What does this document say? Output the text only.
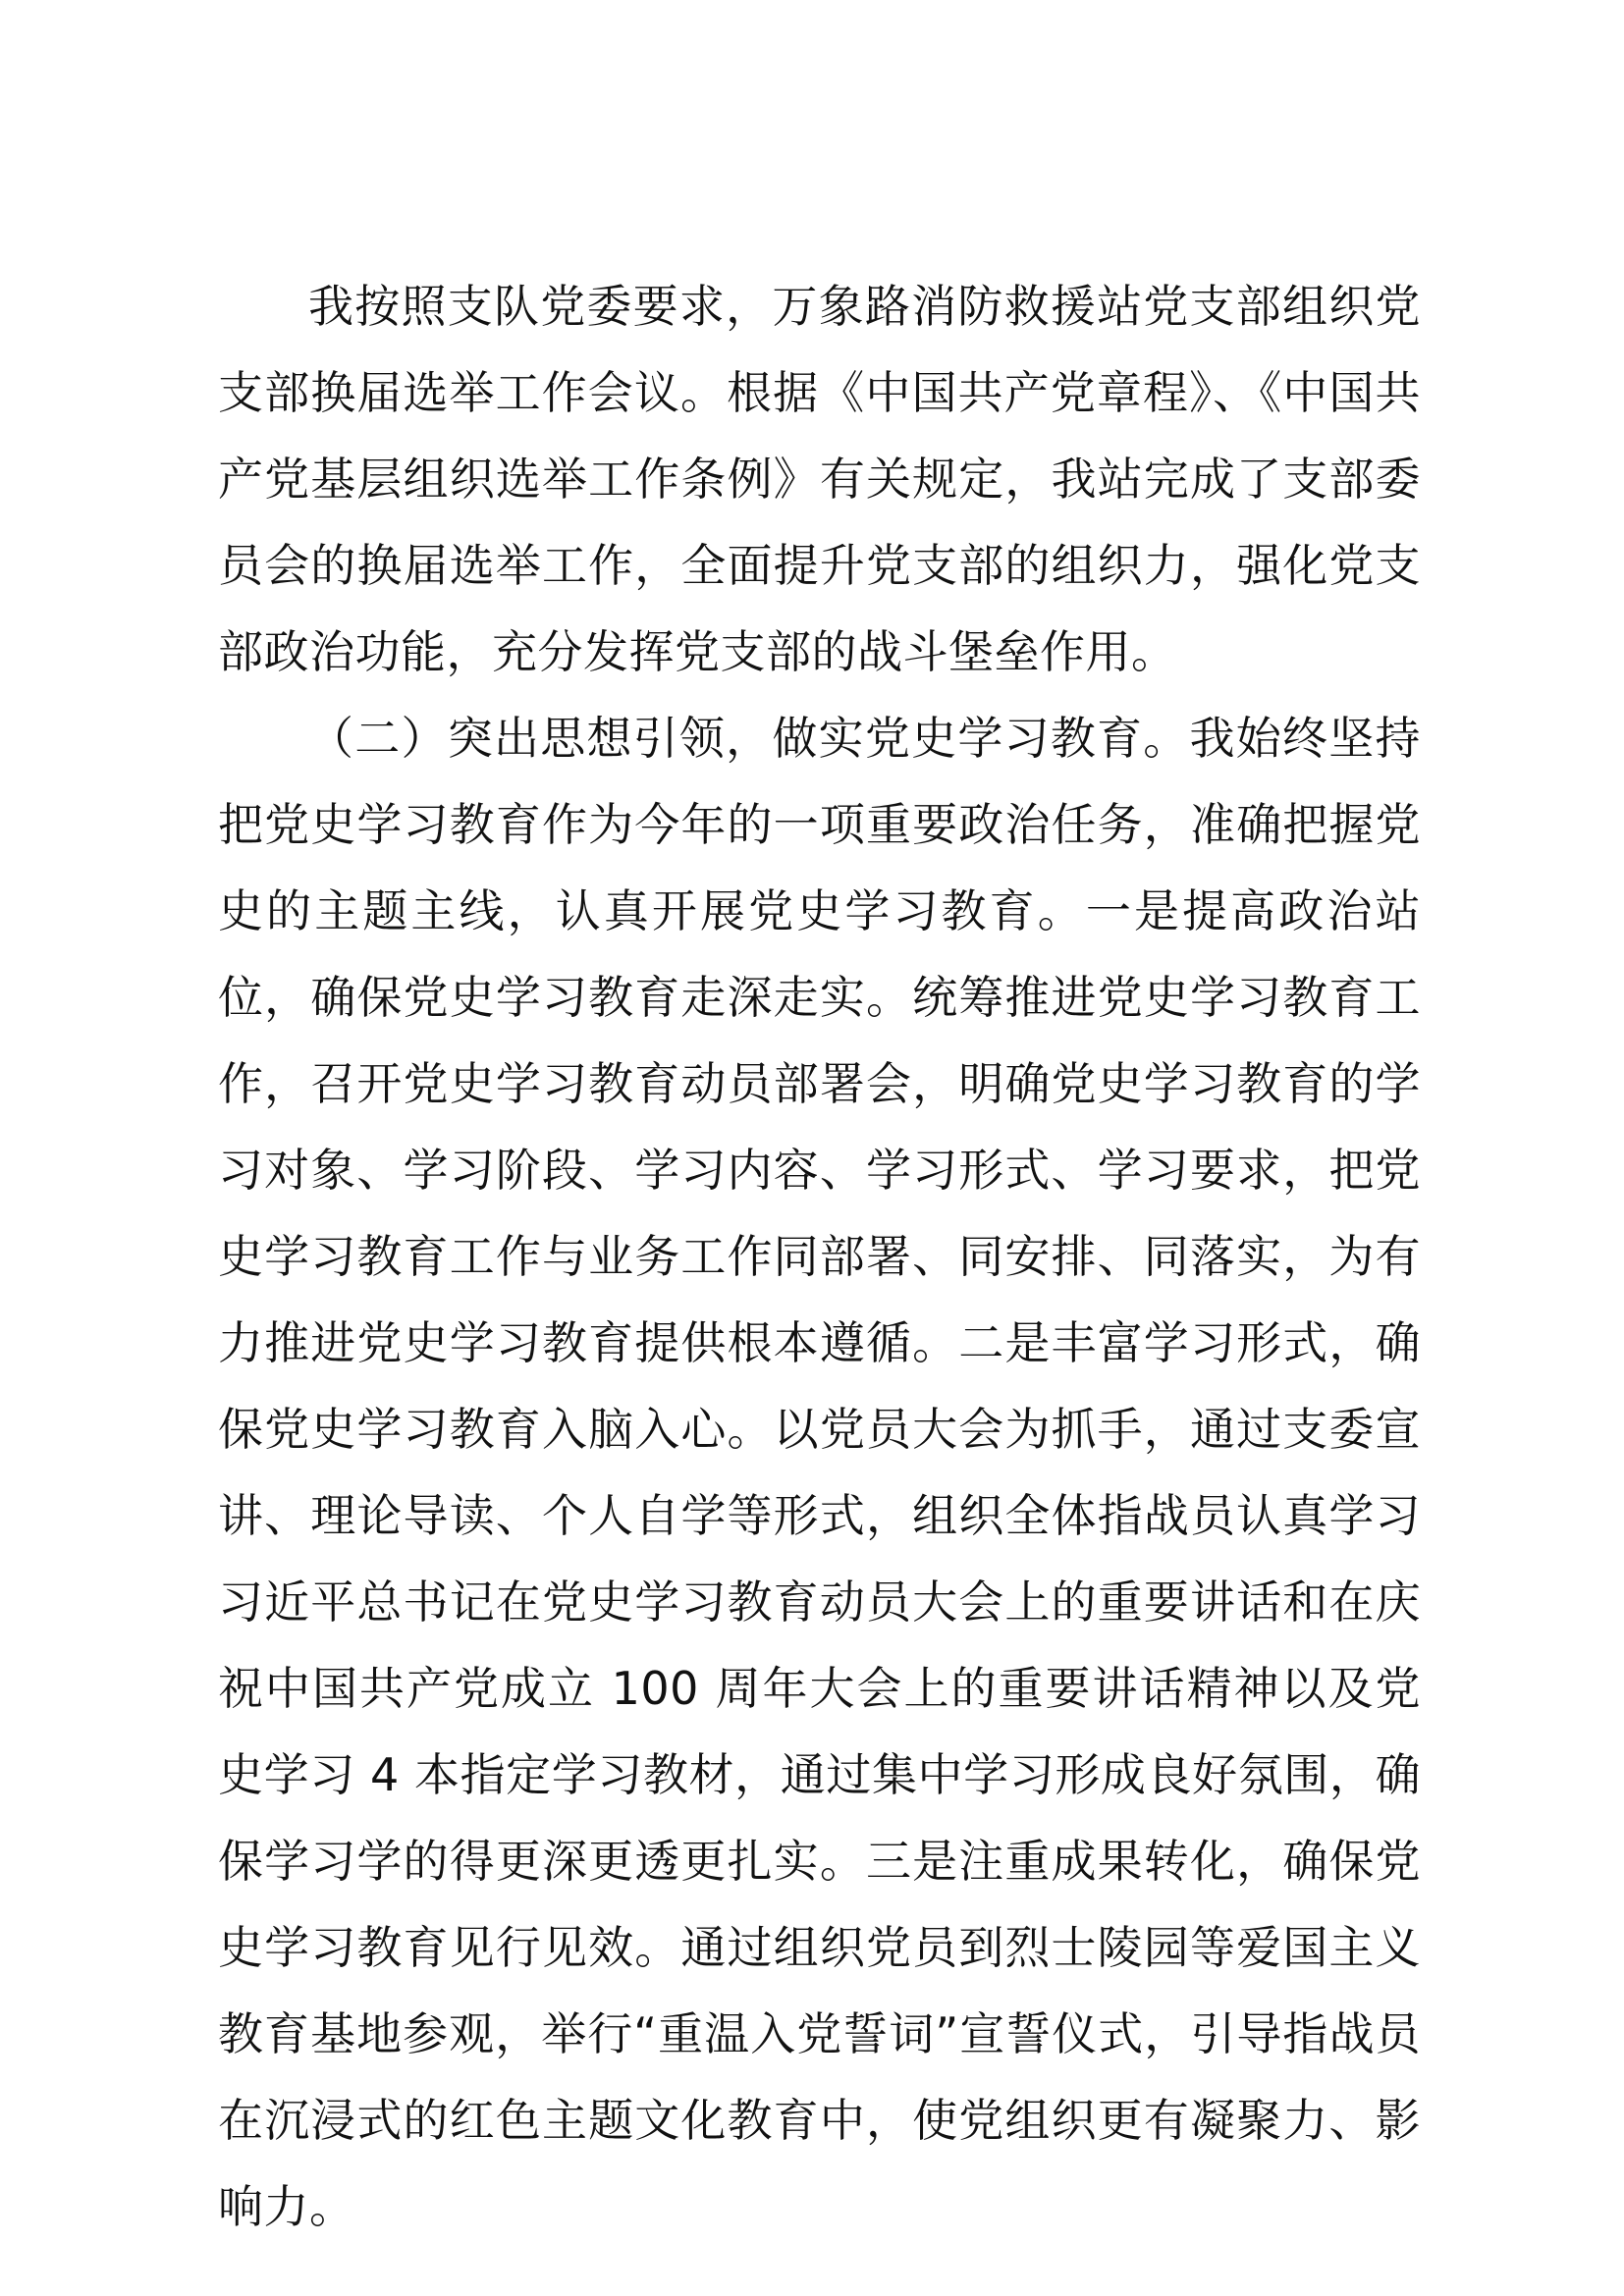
我按照支队党委要求，万象路消防救援站党支部组织党支部换届选举工作会议。根据《中国共产党章程》、《中国共产党基层组织选举工作条例》有关规定，我站完成了支部委员会的换届选举工作，全面提升党支部的组织力，强化党支部政治功能，充分发挥党支部的战斗堡垒作用。

（二）突出思想引领，做实党史学习教育。我始终坚持把党史学习教育作为今年的一项重要政治任务，准确把握党史的主题主线，认真开展党史学习教育。一是提高政治站位，确保党史学习教育走深走实。统筹推进党史学习教育工作，召开党史学习教育动员部署会，明确党史学习教育的学习对象、学习阶段、学习内容、学习形式、学习要求，把党史学习教育工作与业务工作同部署、同安排、同落实，为有力推进党史学习教育提供根本遵循。二是丰富学习形式，确保党史学习教育入脑入心。以党员大会为抓手，通过支委宣讲、理论导读、个人自学等形式，组织全体指战员认真学习习近平总书记在党史学习教育动员大会上的重要讲话和在庆祝中国共产党成立 100 周年大会上的重要讲话精神以及党史学习 4 本指定学习教材，通过集中学习形成良好氛围，确保学习学的得更深更透更扎实。三是注重成果转化，确保党史学习教育见行见效。通过组织党员到烈士陵园等爱国主义教育基地参观，举行“重温入党誓词”宣誓仪式，引导指战员在沉浸式的红色主题文化教育中，使党组织更有凝聚力、影响力。
